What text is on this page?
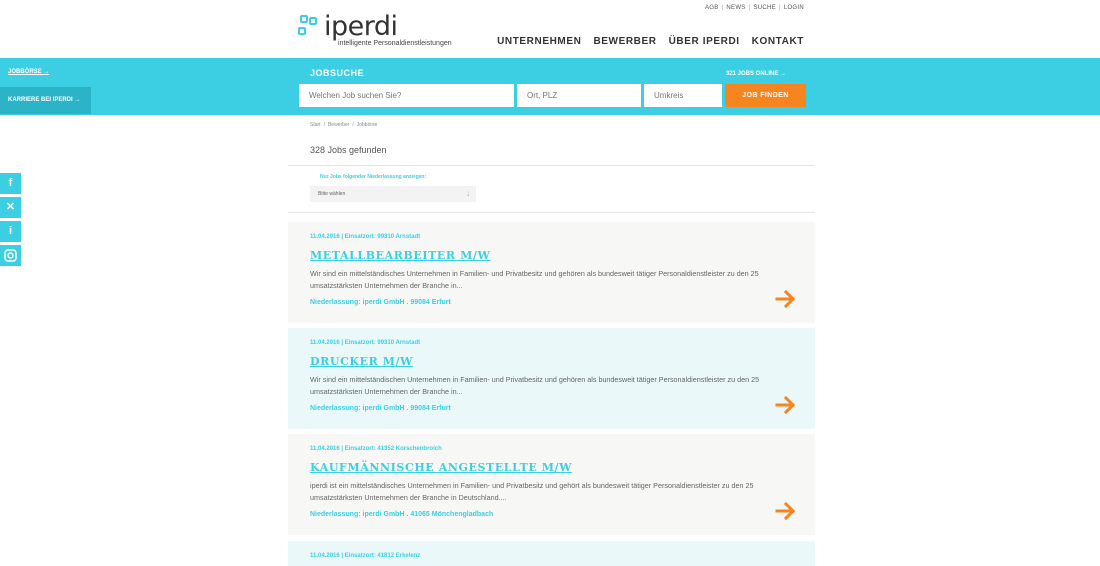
iperdi
intelligente Personaldienstleistungen
AGB | NEWS | SUCHE | LOGIN
UNTERNEHMEN BEWERBER ÜBER IPERDI KONTAKT
JOBBÖRSE →
KARRIERE BEI IPERDI →
JOBSUCHE	321 JOBS ONLINE →
Welchen Job suchen Sie?
Ort, PLZ
Umkreis
JOB FINDEN
f
✕
i
Start / Bewerber / Jobbörse
328 Jobs gefunden
Nur Jobs folgender Niederlassung anzeigen:
Bitte wählen	↓
11.04.2016 | Einsatzort: 99310 Arnstadt
METALLBEARBEITER M/W
Wir sind ein mittelständisches Unternehmen in Familien- und Privatbesitz und gehören als bundesweit tätiger Personaldienstleister zu den 25 umsatzstärksten Unternehmen der Branche in...
Niederlassung: iperdi GmbH . 99084 Erfurt
11.04.2016 | Einsatzort: 99310 Arnstadt
DRUCKER M/W
Wir sind ein mittelständischen Unternehmen in Familien- und Privatbesitz und gehören als bundesweit tätiger Personaldienstleister zu den 25 umsatzstärksten Unternehmen der Branche in...
Niederlassung: iperdi GmbH . 99084 Erfurt
11.04.2016 | Einsatzort: 41352 Korschenbroich
KAUFMÄNNISCHE ANGESTELLTE M/W
iperdi ist ein mittelständisches Unternehmen in Familien- und Privatbesitz und gehört als bundesweit tätiger Personaldienstleister zu den 25 umsatzstärksten Unternehmen der Branche in Deutschland....
Niederlassung: iperdi GmbH . 41065 Mönchengladbach
11.04.2016 | Einsatzort: 41812 Erkelenz
